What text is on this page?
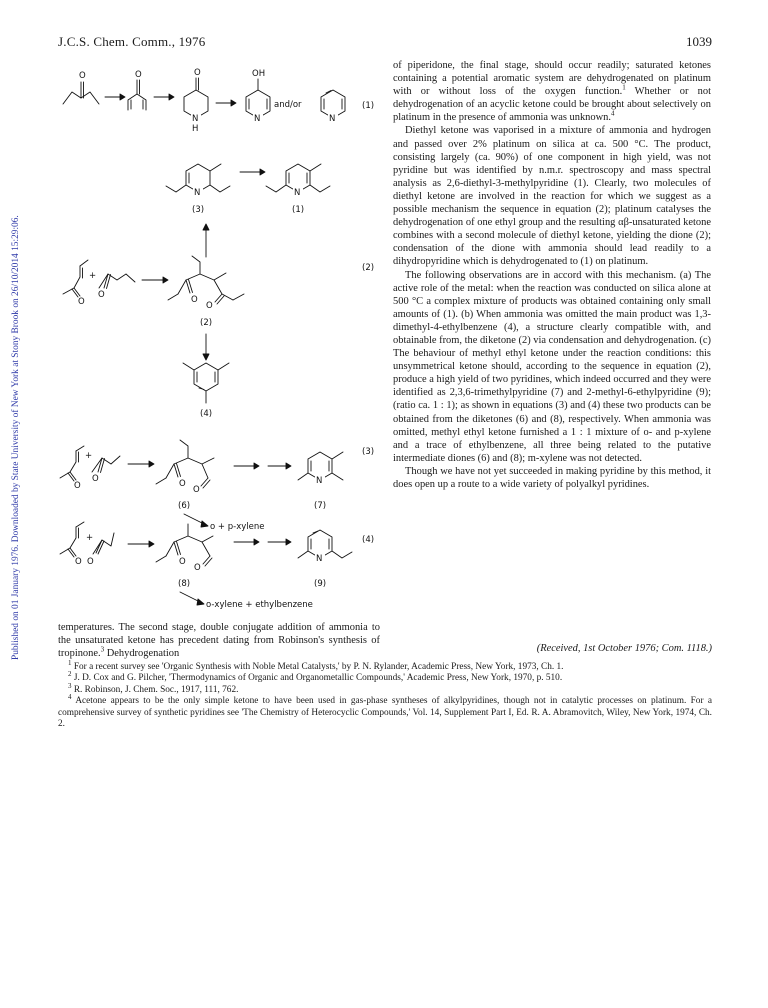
Published on 01 January 1976. Downloaded by State University of New York at Stony Brook on 26/10/2014 15:29:06.
J.C.S. Chem. Comm., 1976	1039
O	O	O
N
H
OH
N
and/or
N
(1)
N
(3)
N
(1)
O
+
O	O
O
(2)
(2)
(4)
O
+
O	O
O
(6)
N
(7)
(3)
o + p-xylene
O
+
O	O
O
(8)
N
(9)
(4)
o-xylene + ethylbenzene

of piperidone, the final stage, should occur readily; saturated ketones containing a potential aromatic system are dehydrogenated on platinum with or without loss of the oxygen function.$^1$ Whether or not dehydrogenation of an acyclic ketone could be brought about selectively on platinum in the presence of ammonia was unknown.$^4$

Diethyl ketone was vaporised in a mixture of ammonia and hydrogen and passed over 2% platinum on silica at ca. 500 °C. The product, consisting largely (ca. 90%) of one component in high yield, was not pyridine but was identified by n.m.r. spectroscopy and mass spectral analysis as 2,6-diethyl-3-methylpyridine (1). Clearly, two molecules of diethyl ketone are involved in the reaction for which we suggest as a possible mechanism the sequence in equation (2); platinum catalyses the dehydrogenation of one ethyl group and the resulting αβ-unsaturated ketone combines with a second molecule of diethyl ketone, yielding the dione (2); condensation of the dione with ammonia should lead readily to a dihydropyridine which is dehydrogenated to (1) on platinum.

The following observations are in accord with this mechanism. (a) The active role of the metal: when the reaction was conducted on silica alone at 500 °C a complex mixture of products was obtained containing only small amounts of (1). (b) When ammonia was omitted the main product was 1,3-dimethyl-4-ethylbenzene (4), a structure clearly compatible with, and obtainable from, the diketone (2) via condensation and dehydrogenation. (c) The behaviour of methyl ethyl ketone under the reaction conditions: this unsymmetrical ketone should, according to the sequence in equation (2), produce a high yield of two pyridines, which indeed occurred and they were identified as 2,3,6-trimethylpyridine (7) and 2-methyl-6-ethylpyridine (9); (ratio ca. 1 : 1); as shown in equations (3) and (4) these two products can be obtained from the diketones (6) and (8), respectively. When ammonia was omitted, methyl ethyl ketone furnished a 1 : 1 mixture of o- and p-xylene and a trace of ethylbenzene, all three being related to the putative intermediate diones (6) and (8); m-xylene was not detected.

Though we have not yet succeeded in making pyridine by this method, it does open up a route to a wide variety of polyalkyl pyridines.

temperatures. The second stage, double conjugate addition of ammonia to the unsaturated ketone has precedent dating from Robinson's synthesis of tropinone.$^3$ Dehydrogenation	(Received, 1st October 1976; Com. 1118.)

$^1$ For a recent survey see 'Organic Synthesis with Noble Metal Catalysts,' by P. N. Rylander, Academic Press, New York, 1973, Ch. 1.

$^2$ J. D. Cox and G. Pilcher, 'Thermodynamics of Organic and Organometallic Compounds,' Academic Press, New York, 1970, p. 510.

$^3$ R. Robinson, J. Chem. Soc., 1917, 111, 762.

$^4$ Acetone appears to be the only simple ketone to have been used in gas-phase syntheses of alkylpyridines, though not in catalytic processes on platinum. For a comprehensive survey of synthetic pyridines see 'The Chemistry of Heterocyclic Compounds,' Vol. 14, Supplement Part I, Ed. R. A. Abramovitch, Wiley, New York, 1974, Ch. 2.
